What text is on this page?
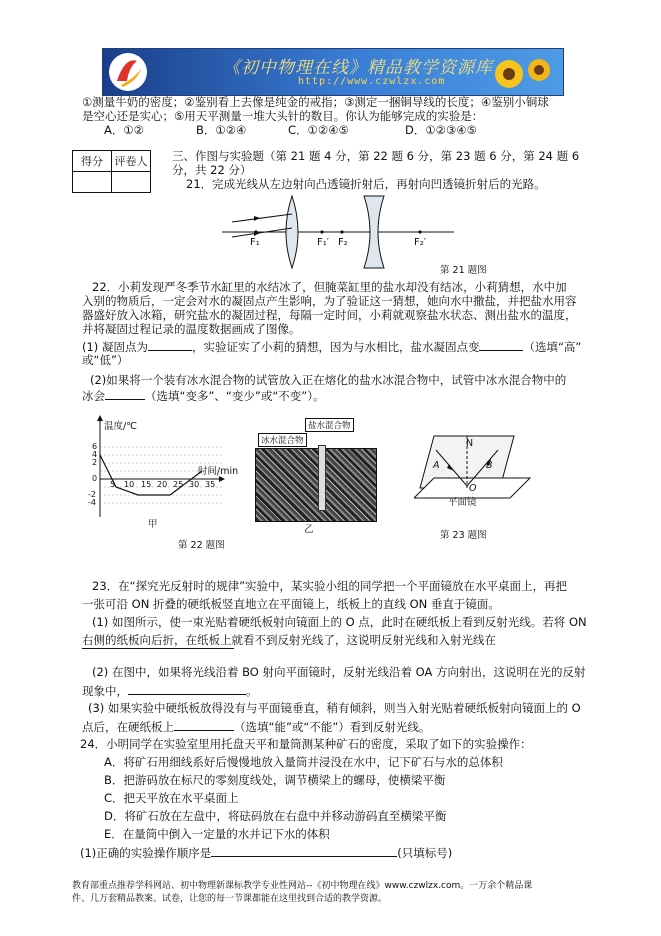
《初中物理在线》精品教学资源库
http://www.czwlzx.com
①测量牛奶的密度；②鉴别看上去像是纯金的戒指；③测定一捆铜导线的长度；④鉴别小铜球
是空心还是实心；⑤用天平测量一堆大头针的数目。你认为能够完成的实验是：
A．①②	B．①②④	C．①②④⑤	D．①②③④⑤
得分	评卷人
	三、作图与实验题（第 21 题 4 分，第 22 题 6 分，第 23 题 6 分，第 24 题 6
分，共 22 分）
21．完成光线从左边射向凸透镜折射后，再射向凹透镜折射后的光路。
F₁	F₁′ F₂	F₂′
第 21 题图
22．小莉发现严冬季节水缸里的水结冰了，但腌菜缸里的盐水却没有结冰，小莉猜想，水中加
入别的物质后，一定会对水的凝固点产生影响，为了验证这一猜想，她向水中撒盐，并把盐水用容
器盛好放入冰箱，研究盐水的凝固过程，每隔一定时间，小莉就观察盐水状态、测出盐水的温度，
并将凝固过程记录的温度数据画成了图像。
(1) 凝固点为	，实验证实了小莉的猜想，因为与水相比，盐水凝固点变	（选填“高”
或“低”）
(2)如果将一个装有冰水混合物的试管放入正在熔化的盐水冰混合物中，试管中冰水混合物中的
冰会	（选填“变多”、“变少”或“不变”）。
温度/℃
时间/min
6
4
2
0
-2
-4
5 10 15 20 25 30 35
甲
冰水混合物
盐水混合物
乙
第 22 题图
N
A	B
O
平面镜
第 23 题图
23．在“探究光反射时的规律”实验中，某实验小组的同学把一个平面镜放在水平桌面上，再把
一张可沿 ON 折叠的硬纸板竖直地立在平面镜上，纸板上的直线 ON 垂直于镜面。
(1) 如图所示，使一束光贴着硬纸板射向镜面上的 O 点，此时在硬纸板上看到反射光线。若将 ON
右侧的纸板向后折，在纸板上就看不到反射光线了，这说明反射光线和入射光线在
(2) 在图中，如果将光线沿着 BO 射向平面镜时，反射光线沿着 OA 方向射出，这说明在光的反射
现象中，	。
(3) 如果实验中硬纸板放得没有与平面镜垂直，稍有倾斜，则当入射光贴着硬纸板射向镜面上的 O
点后，在硬纸板上	（选填“能”或“不能”）看到反射光线。
24．小明同学在实验室里用托盘天平和量筒测某种矿石的密度，采取了如下的实验操作：
A．将矿石用细线系好后慢慢地放入量筒并浸没在水中，记下矿石与水的总体积
B．把游码放在标尺的零刻度线处，调节横梁上的螺母，使横梁平衡
C．把天平放在水平桌面上
D．将矿石放在左盘中，将砝码放在右盘中并移动游码直至横梁平衡
E．在量筒中倒入一定量的水并记下水的体积
(1)正确的实验操作顺序是	(只填标号)
教育部重点推荐学科网站、初中物理新课标教学专业性网站--《初中物理在线》www.czwlzx.com。一万余个精品课
件、几万套精品教案、试卷，让您的每一节课都能在这里找到合适的教学资源。
